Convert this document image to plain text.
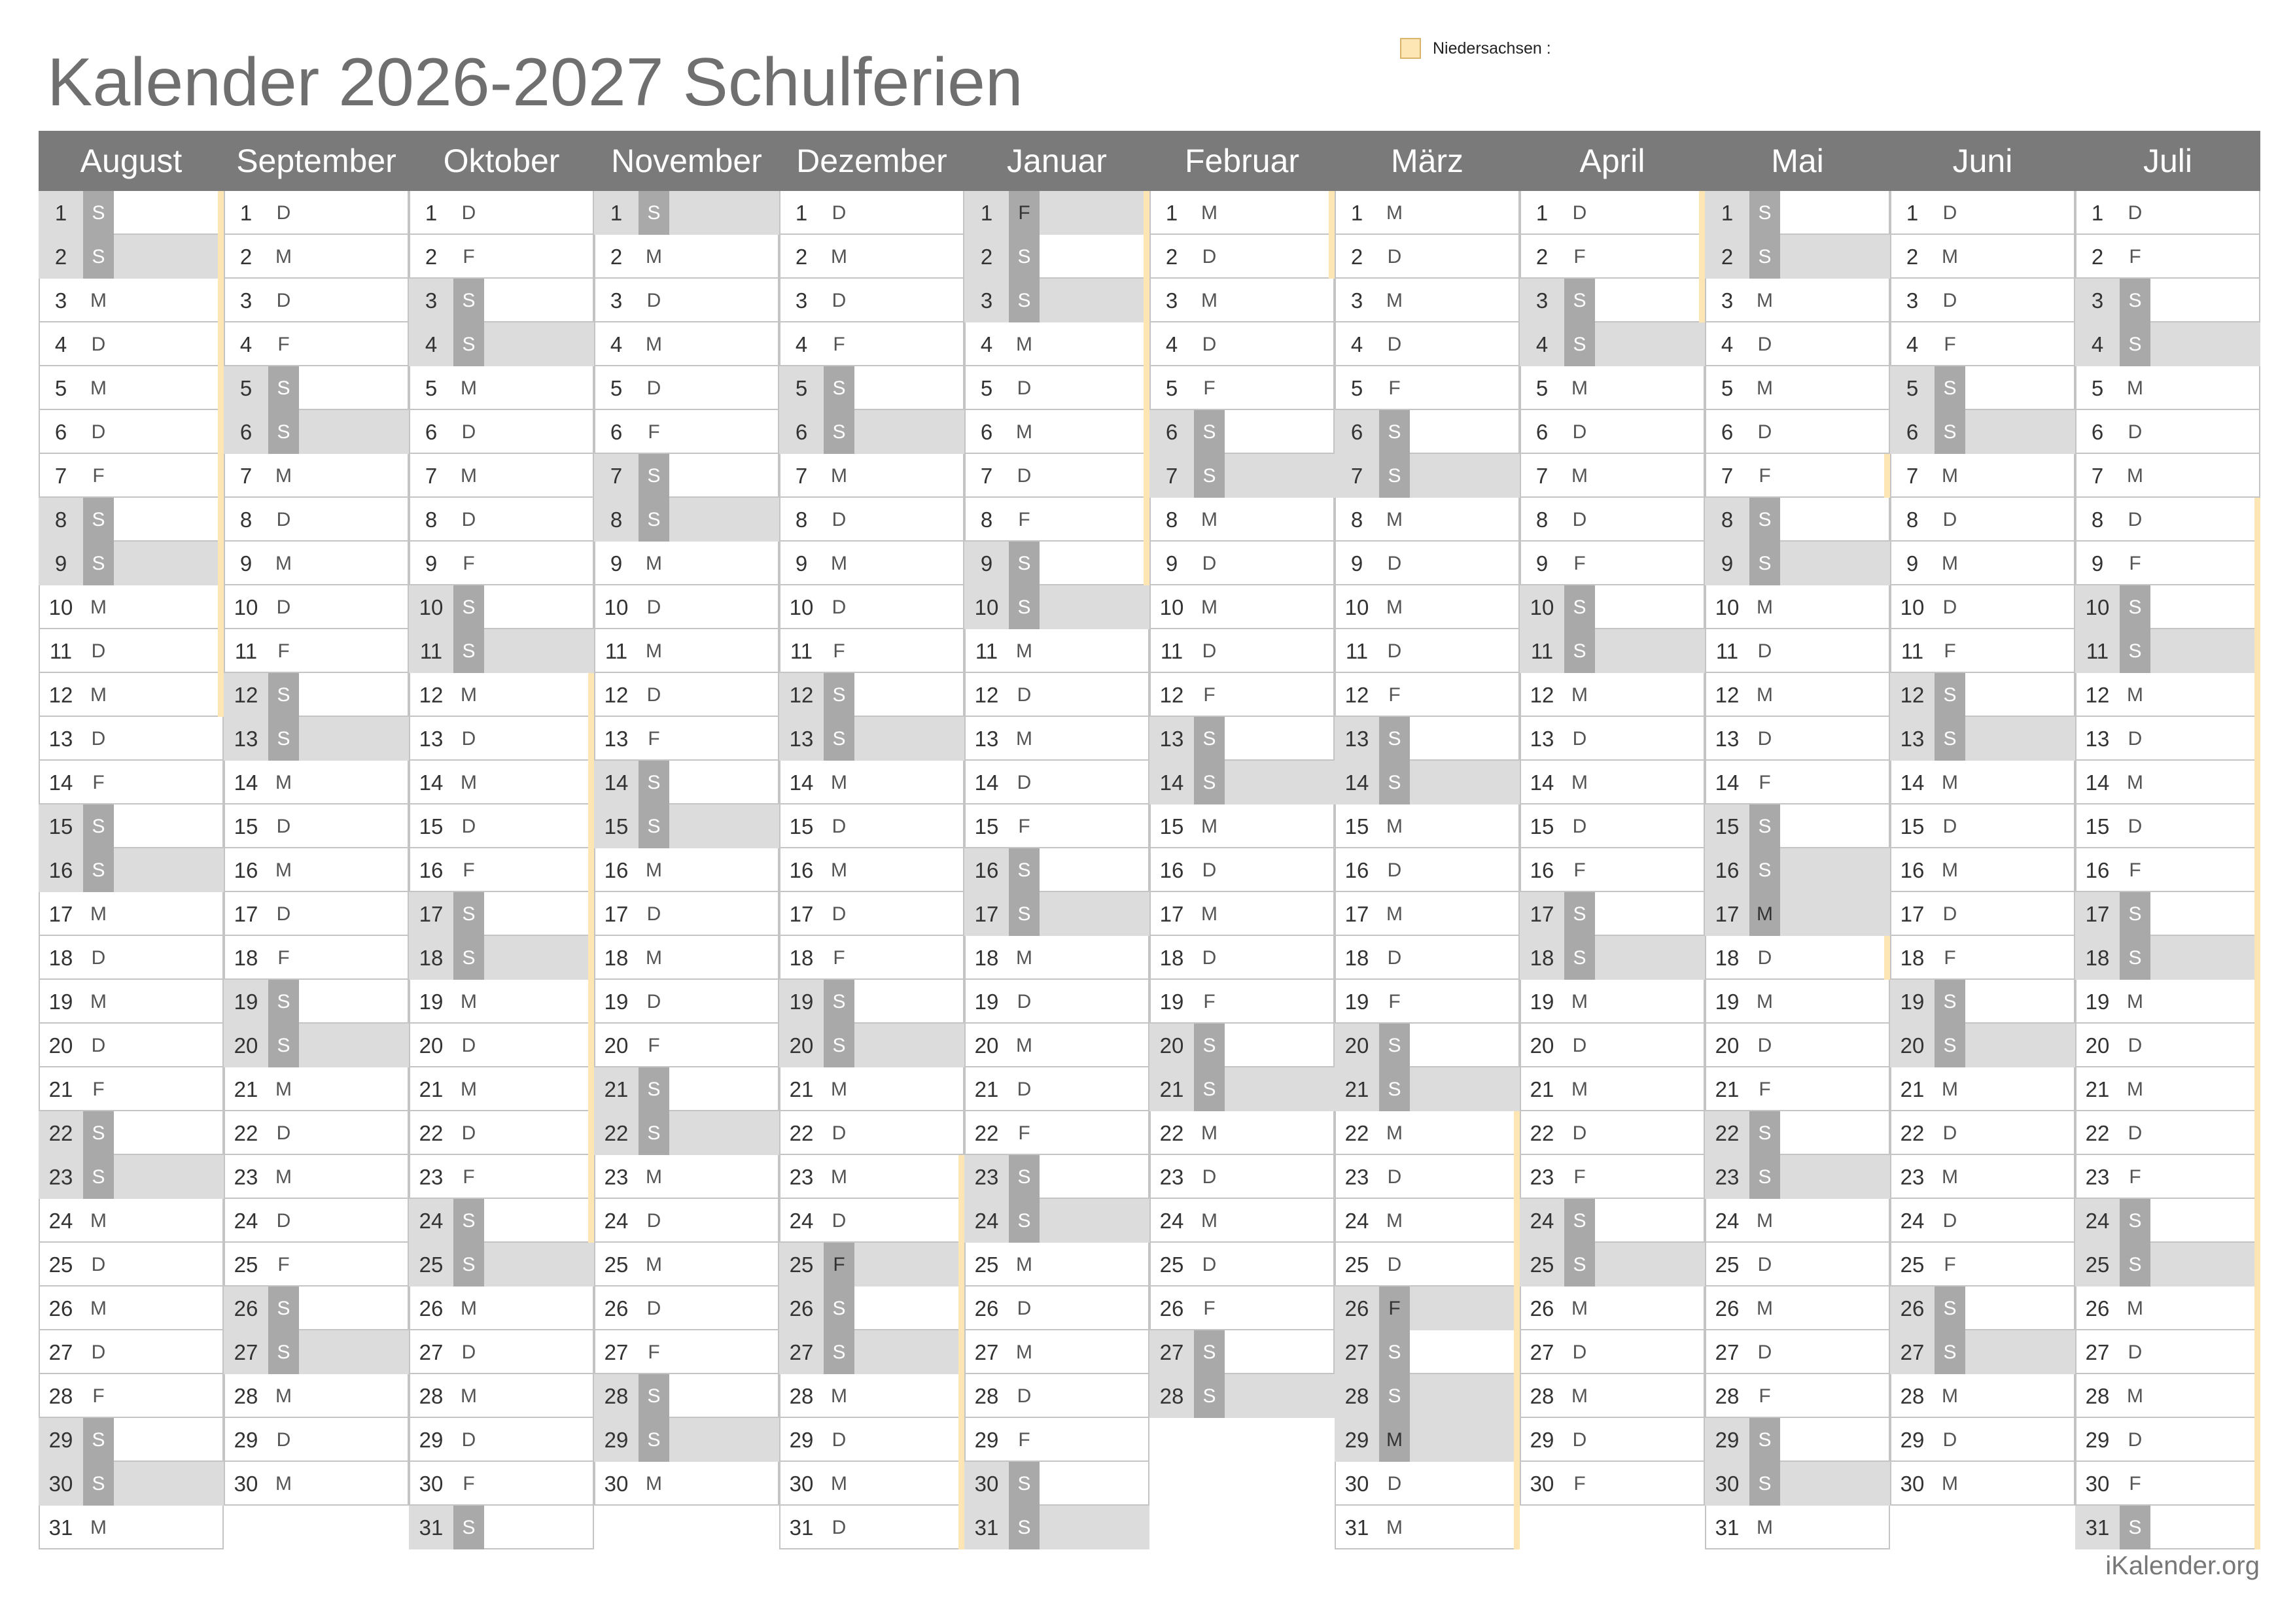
Kalender 2026-2027 Schulferien	Niedersachsen :
August
1	S
2	S
3	M
4	D
5	M
6	D
7	F
8	S
9	S
10 M
11 D
12 M
13 D
14 F
15 S
16 S
17 M
18 D
19 M
20 D
21 F
22 S
23 S
24 M
25 D
26 M
27 D
28 F
29 S
30 S
31 M
September
1	D
2	M
3	D
4	F
5	S
6	S
7	M
8	D
9	M
10 D
11	F
12 S
13 S
14 M
15 D
16 M
17 D
18 F
19 S
20 S
21 M
22 D
23 M
24 D
25 F
26 S
27 S
28 M
29 D
30 M
Oktober
1	D
2	F
3	S
4	S
5	M
6	D
7	M
8	D
9	F
10 S
11	S
12 M
13 D
14 M
15 D
16 F
17 S
18 S
19 M
20 D
21 M
22 D
23 F
24 S
25 S
26 M
27 D
28 M
29 D
30 F
31 S
November
1	S
2	M
3	D
4	M
5	D
6	F
7	S
8	S
9	M
10 D
11 M
12 D
13 F
14 S
15 S
16 M
17 D
18 M
19 D
20 F
21 S
22 S
23 M
24 D
25 M
26 D
27 F
28 S
29 S
30 M
Dezember
1	D
2	M
3	D
4	F
5	S
6	S
7	M
8	D
9	M
10 D
11	F
12 S
13 S
14 M
15 D
16 M
17 D
18 F
19 S
20 S
21 M
22 D
23 M
24 D
25 F
26 S
27 S
28 M
29 D
30 M
31 D
Januar
1	F
2	S
3	S
4	M
5	D
6	M
7	D
8	F
9	S
10 S
11 M
12 D
13 M
14 D
15 F
16 S
17 S
18 M
19 D
20 M
21 D
22 F
23 S
24 S
25 M
26 D
27 M
28 D
29 F
30 S
31 S
Februar
1	M
2	D
3	M
4	D
5	F
6	S
7	S
8	M
9	D
10 M
11 D
12 F
13 S
14 S
15 M
16 D
17 M
18 D
19 F
20 S
21 S
22 M
23 D
24 M
25 D
26 F
27 S
28 S
März
1	M
2	D
3	M
4	D
5	F
6	S
7	S
8	M
9	D
10 M
11 D
12 F
13 S
14 S
15 M
16 D
17 M
18 D
19 F
20 S
21 S
22 M
23 D
24 M
25 D
26 F
27 S
28 S
29 M
30 D
31 M
April
1	D
2	F
3	S
4	S
5	M
6	D
7	M
8	D
9	F
10 S
11	S
12 M
13 D
14 M
15 D
16 F
17 S
18 S
19 M
20 D
21 M
22 D
23 F
24 S
25 S
26 M
27 D
28 M
29 D
30 F
Mai
1	S
2	S
3	M
4	D
5	M
6	D
7	F
8	S
9	S
10 M
11 D
12 M
13 D
14 F
15 S
16 S
17 M
18 D
19 M
20 D
21 F
22 S
23 S
24 M
25 D
26 M
27 D
28 F
29 S
30 S
31 M
Juni
1	D
2	M
3	D
4	F
5	S
6	S
7	M
8	D
9	M
10 D
11	F
12 S
13 S
14 M
15 D
16 M
17 D
18 F
19 S
20 S
21 M
22 D
23 M
24 D
25 F
26 S
27 S
28 M
29 D
30 M
Juli
1	D
2	F
3	S
4	S
5	M
6	D
7	M
8	D
9	F
10 S
11	S
12 M
13 D
14 M
15 D
16 F
17 S
18 S
19 M
20 D
21 M
22 D
23 F
24 S
25 S
26 M
27 D
28 M
29 D
30 F
31 S
iKalender.org
